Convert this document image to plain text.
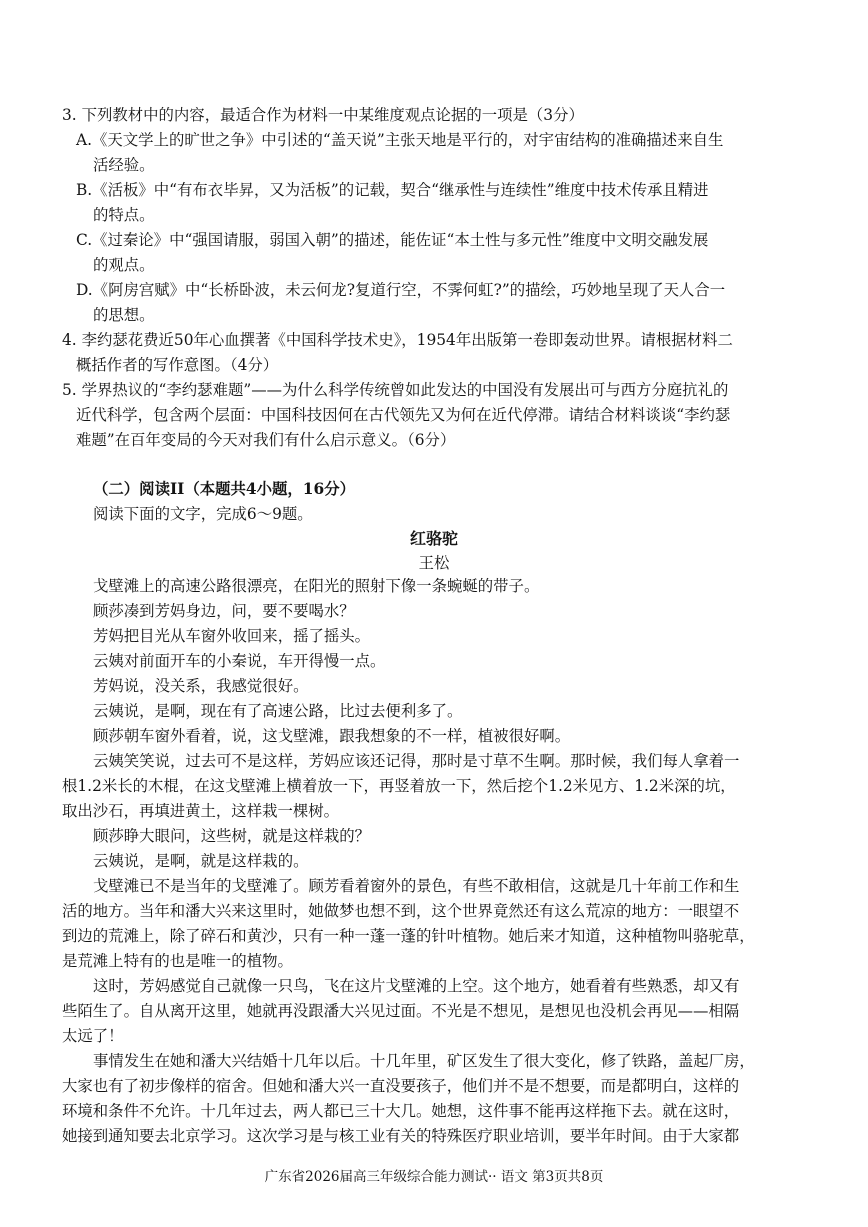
3. 下列教材中的内容，最适合作为材料一中某维度观点论据的一项是（3分）
A.《天文学上的旷世之争》中引述的“盖天说”主张天地是平行的，对宇宙结构的准确描述来自生
活经验。
B.《活板》中“有布衣毕昇，又为活板”的记载，契合“继承性与连续性”维度中技术传承且精进
的特点。
C.《过秦论》中“强国请服，弱国入朝”的描述，能佐证“本土性与多元性”维度中文明交融发展
的观点。
D.《阿房宫赋》中“长桥卧波，未云何龙?复道行空，不霁何虹?”的描绘，巧妙地呈现了天人合一
的思想。
4. 李约瑟花费近50年心血撰著《中国科学技术史》，1954年出版第一卷即轰动世界。请根据材料二
概括作者的写作意图。（4分）
5. 学界热议的“李约瑟难题”——为什么科学传统曾如此发达的中国没有发展出可与西方分庭抗礼的
近代科学，包含两个层面：中国科技因何在古代领先又为何在近代停滞。请结合材料谈谈“李约瑟
难题”在百年变局的今天对我们有什么启示意义。（6分）
（二）阅读II（本题共4小题，16分）
阅读下面的文字，完成6～9题。
红骆驼
王松
戈壁滩上的高速公路很漂亮，在阳光的照射下像一条蜿蜒的带子。
顾莎凑到芳妈身边，问，要不要喝水？
芳妈把目光从车窗外收回来，摇了摇头。
云姨对前面开车的小秦说，车开得慢一点。
芳妈说，没关系，我感觉很好。
云姨说，是啊，现在有了高速公路，比过去便利多了。
顾莎朝车窗外看着，说，这戈壁滩，跟我想象的不一样，植被很好啊。
云姨笑笑说，过去可不是这样，芳妈应该还记得，那时是寸草不生啊。那时候，我们每人拿着一
根1.2米长的木棍，在这戈壁滩上横着放一下，再竖着放一下，然后挖个1.2米见方、1.2米深的坑，
取出沙石，再填进黄土，这样栽一棵树。
顾莎睁大眼问，这些树，就是这样栽的？
云姨说，是啊，就是这样栽的。
戈壁滩已不是当年的戈壁滩了。顾芳看着窗外的景色，有些不敢相信，这就是几十年前工作和生
活的地方。当年和潘大兴来这里时，她做梦也想不到，这个世界竟然还有这么荒凉的地方：一眼望不
到边的荒滩上，除了碎石和黄沙，只有一种一蓬一蓬的针叶植物。她后来才知道，这种植物叫骆驼草，
是荒滩上特有的也是唯一的植物。
这时，芳妈感觉自己就像一只鸟，飞在这片戈壁滩的上空。这个地方，她看着有些熟悉，却又有
些陌生了。自从离开这里，她就再没跟潘大兴见过面。不光是不想见，是想见也没机会再见——相隔
太远了！
事情发生在她和潘大兴结婚十几年以后。十几年里，矿区发生了很大变化，修了铁路，盖起厂房，
大家也有了初步像样的宿舍。但她和潘大兴一直没要孩子，他们并不是不想要，而是都明白，这样的
环境和条件不允许。十几年过去，两人都已三十大几。她想，这件事不能再这样拖下去。就在这时，
她接到通知要去北京学习。这次学习是与核工业有关的特殊医疗职业培训，要半年时间。由于大家都
广东省2026届高三年级综合能力测试·· 语文 第3页共8页
